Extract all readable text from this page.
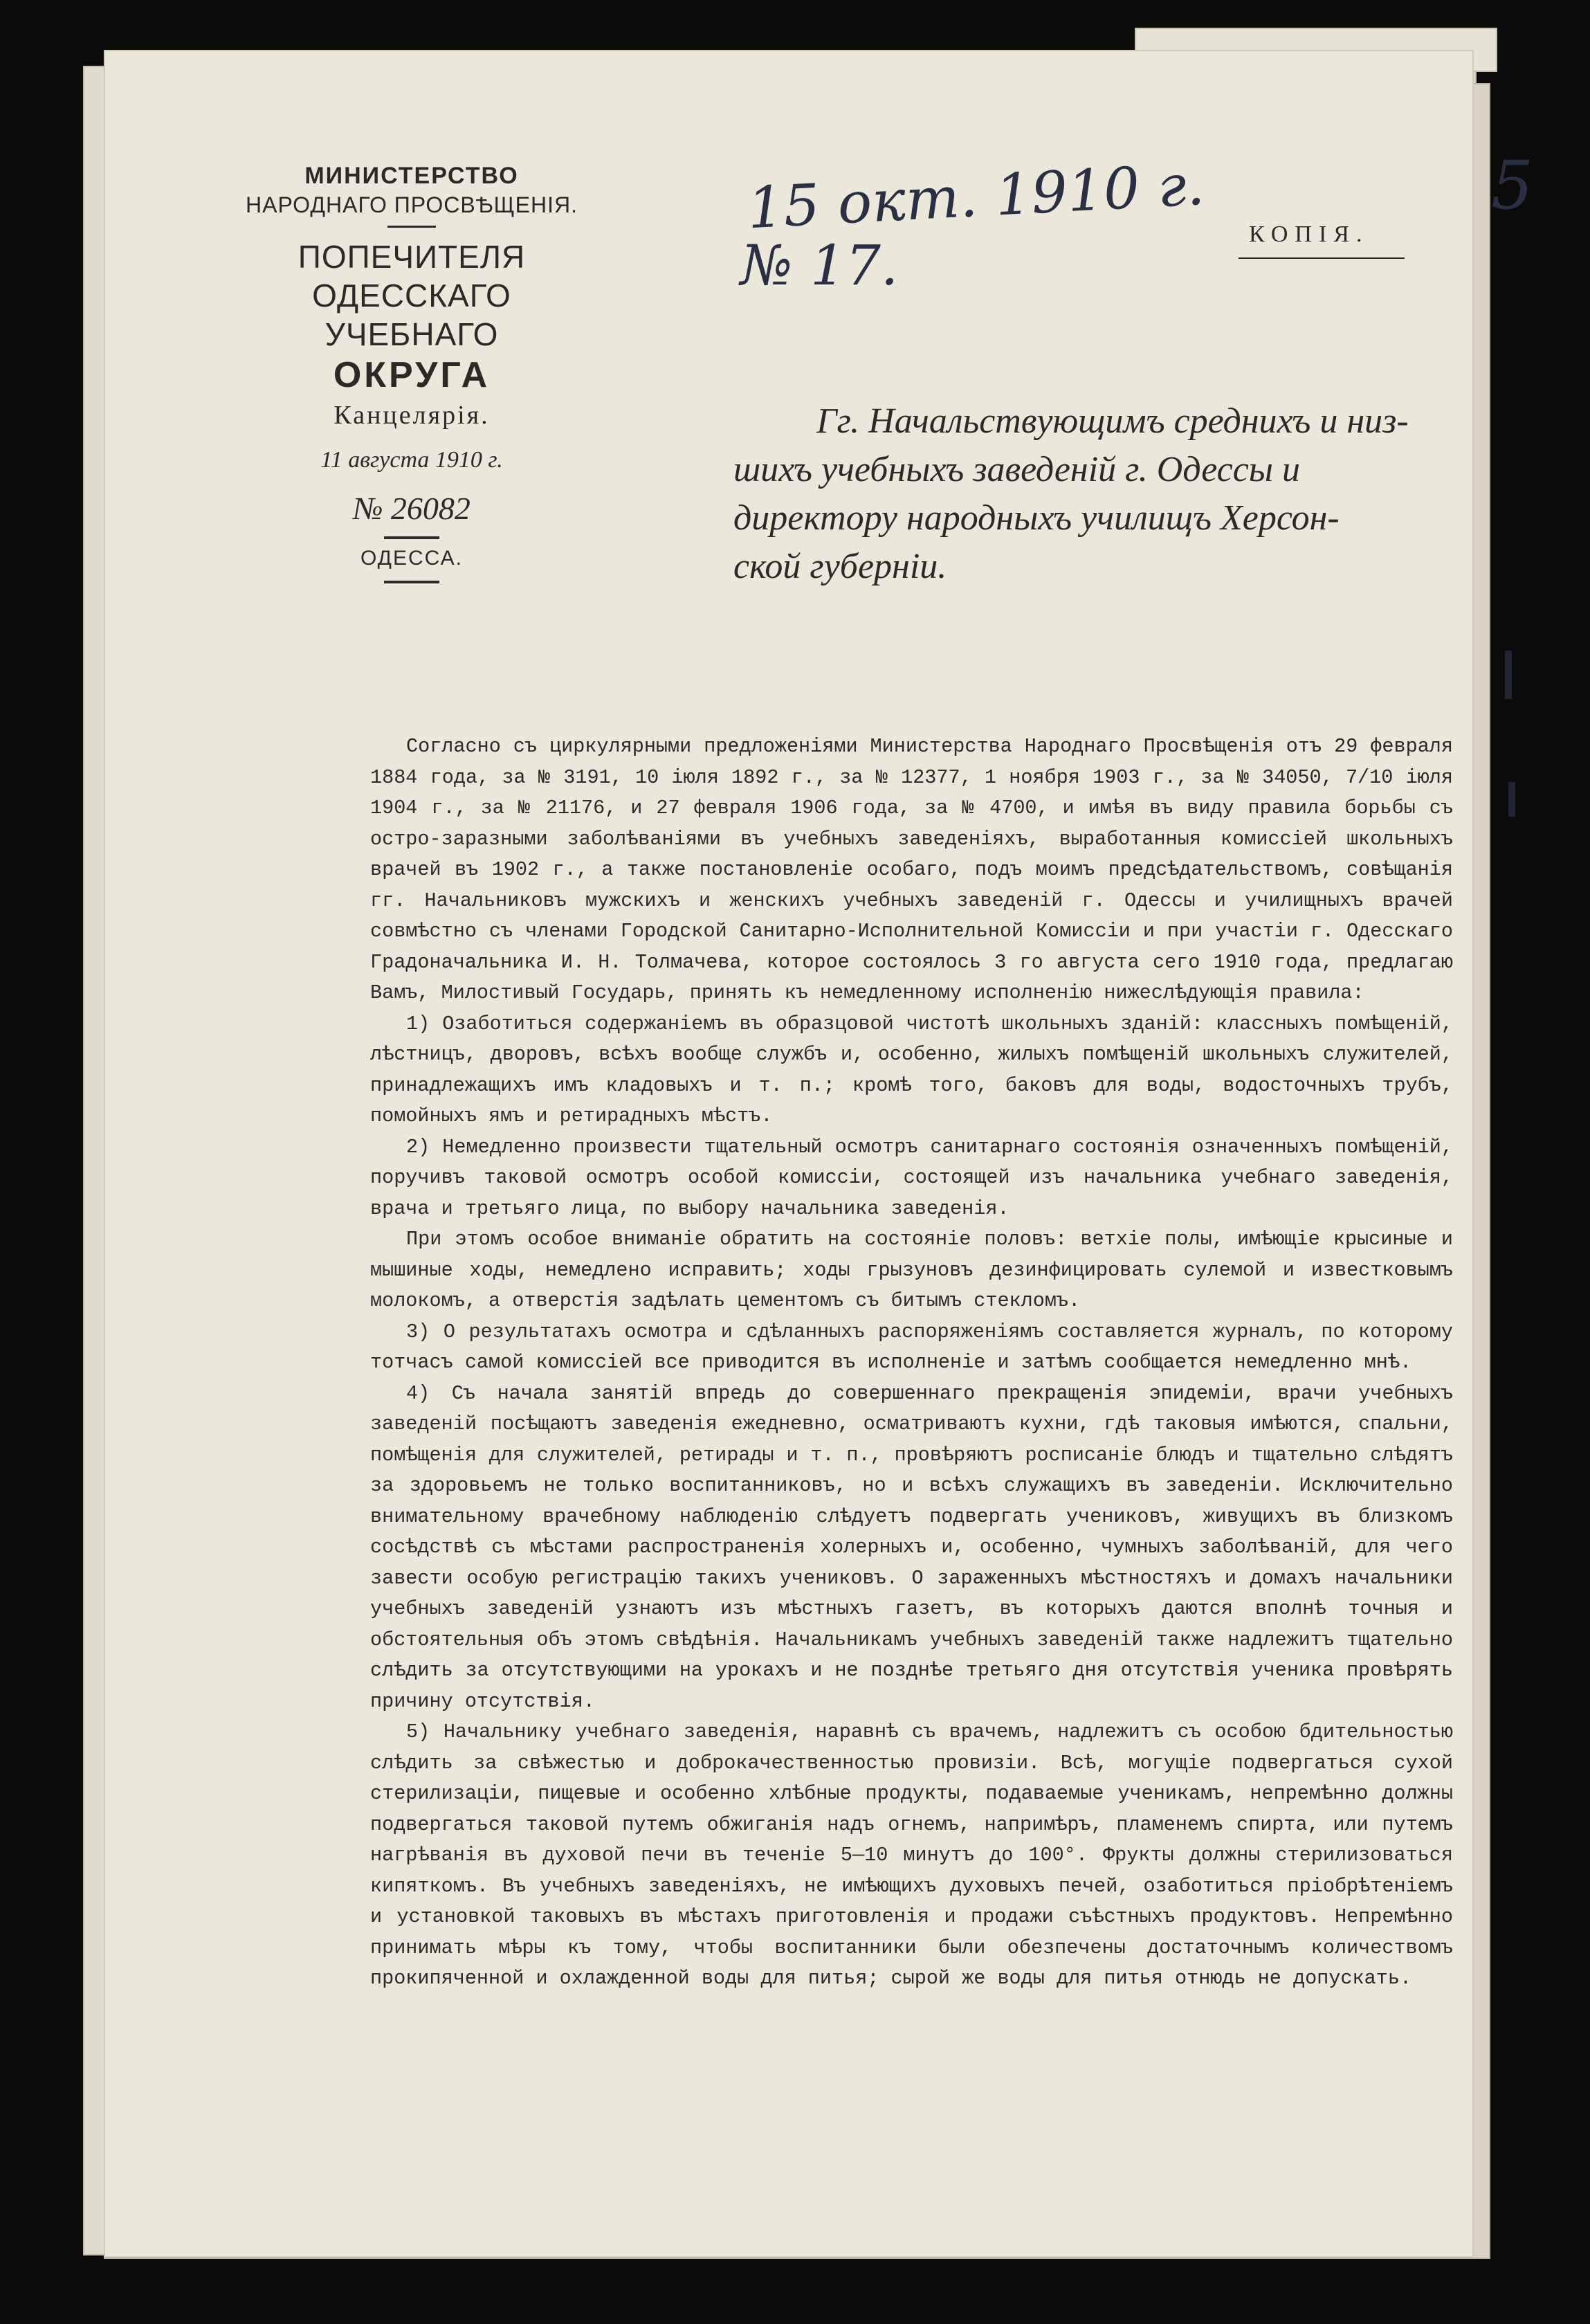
МИНИСТЕРСТВО
НАРОДНАГО ПРОСВѢЩЕНІЯ.
ПОПЕЧИТЕЛЯ
ОДЕССКАГО УЧЕБНАГО
ОКРУГА
Канцелярія.
11 августа 1910 г.
№ 26082
ОДЕССА.
15 окт. 1910 г.
№ 17.
5
КОПІЯ.
Гг. Начальствующимъ среднихъ и низ-
шихъ учебныхъ заведеній г. Одессы и
директору народныхъ училищъ Херсон-
ской губерніи.

Согласно съ циркулярными предложеніями Министерства Народнаго Просвѣщенія отъ 29 февраля 1884 года, за № 3191, 10 іюля 1892 г., за № 12377, 1 ноября 1903 г., за № 34050, 7/10 іюля 1904 г., за № 21176, и 27 февраля 1906 года, за № 4700, и имѣя въ виду правила борьбы съ остро-заразными заболѣваніями въ учебныхъ заведеніяхъ, выработанныя комиссіей школьныхъ врачей въ 1902 г., а также постановленіе особаго, подъ моимъ предсѣдательствомъ, совѣщанія гг. Начальниковъ мужскихъ и женскихъ учебныхъ заведеній г. Одессы и училищныхъ врачей совмѣстно съ членами Городской Санитарно-Исполнительной Комиссіи и при участіи г. Одесскаго Градоначальника И. Н. Толмачева, которое состоялось 3 го августа сего 1910 года, предлагаю Вамъ, Милостивый Государь, принять къ немедленному исполненію нижеслѣдующія правила:

1) Озаботиться содержаніемъ въ образцовой чистотѣ школьныхъ зданій: классныхъ помѣщеній, лѣстницъ, дворовъ, всѣхъ вообще службъ и, особенно, жилыхъ помѣщеній школьныхъ служителей, принадлежащихъ имъ кладовыхъ и т. п.; кромѣ того, баковъ для воды, водосточныхъ трубъ, помойныхъ ямъ и ретирадныхъ мѣстъ.

2) Немедленно произвести тщательный осмотръ санитарнаго состоянія означенныхъ помѣщеній, поручивъ таковой осмотръ особой комиссіи, состоящей изъ начальника учебнаго заведенія, врача и третьяго лица, по выбору начальника заведенія.

При этомъ особое вниманіе обратить на состояніе половъ: ветхіе полы, имѣющіе крысиные и мышиные ходы, немедлено исправить; ходы грызуновъ дезинфицировать сулемой и известковымъ молокомъ, а отверстія задѣлать цементомъ съ битымъ стекломъ.

3) О результатахъ осмотра и сдѣланныхъ распоряженіямъ составляется журналъ, по которому тотчасъ самой комиссіей все приводится въ исполненіе и затѣмъ сообщается немедленно мнѣ.

4) Съ начала занятій впредь до совершеннаго прекращенія эпидеміи, врачи учебныхъ заведеній посѣщаютъ заведенія ежедневно, осматриваютъ кухни, гдѣ таковыя имѣются, спальни, помѣщенія для служителей, ретирады и т. п., провѣряютъ росписаніе блюдъ и тщательно слѣдятъ за здоровьемъ не только воспитанниковъ, но и всѣхъ служащихъ въ заведеніи. Исключительно внимательному врачебному наблюденію слѣдуетъ подвергать учениковъ, живущихъ въ близкомъ сосѣдствѣ съ мѣстами распространенія холерныхъ и, особенно, чумныхъ заболѣваній, для чего завести особую регистрацію такихъ учениковъ. О зараженныхъ мѣстностяхъ и домахъ начальники учебныхъ заведеній узнаютъ изъ мѣстныхъ газетъ, въ которыхъ даются вполнѣ точныя и обстоятельныя объ этомъ свѣдѣнія. Начальникамъ учебныхъ заведеній также надлежитъ тщательно слѣдить за отсутствующими на урокахъ и не позднѣе третьяго дня отсутствія ученика провѣрять причину отсутствія.

5) Начальнику учебнаго заведенія, наравнѣ съ врачемъ, надлежитъ съ особою бдительностью слѣдить за свѣжестью и доброкачественностью провизіи. Всѣ, могущіе подвергаться сухой стерилизаціи, пищевые и особенно хлѣбные продукты, подаваемые ученикамъ, непремѣнно должны подвергаться таковой путемъ обжиганія надъ огнемъ, напримѣръ, пламенемъ спирта, или путемъ нагрѣванія въ духовой печи въ теченіе 5—10 минутъ до 100°. Фрукты должны стерилизоваться кипяткомъ. Въ учебныхъ заведеніяхъ, не имѣющихъ духовыхъ печей, озаботиться пріобрѣтеніемъ и установкой таковыхъ въ мѣстахъ приготовленія и продажи съѣстныхъ продуктовъ. Непремѣнно принимать мѣры къ тому, чтобы воспитанники были обезпечены достаточнымъ количествомъ прокипяченной и охлажденной воды для питья; сырой же воды для питья отнюдь не допускать.
